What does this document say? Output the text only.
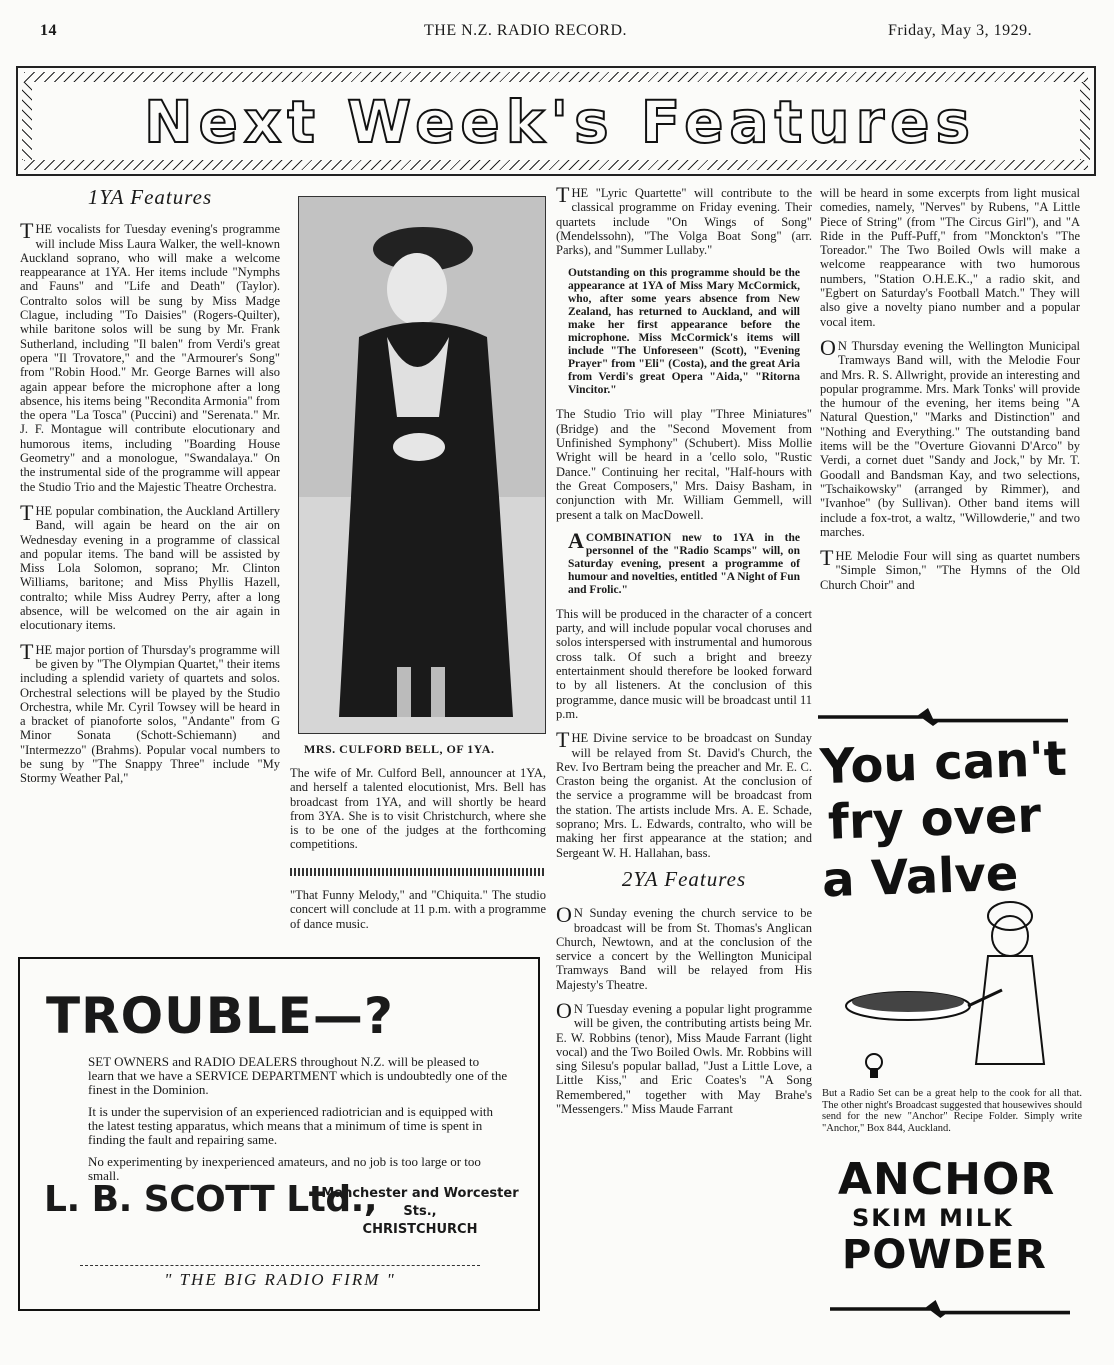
14	THE N.Z. RADIO RECORD.	Friday, May 3, 1929.
Next Week's Features
1YA Features

THE vocalists for Tuesday evening's programme will include Miss Laura Walker, the well-known Auckland soprano, who will make a welcome reappearance at 1YA. Her items include "Nymphs and Fauns" and "Life and Death" (Taylor). Contralto solos will be sung by Miss Madge Clague, including "To Daisies" (Rogers-Quilter), while baritone solos will be sung by Mr. Frank Sutherland, including "Il balen" from Verdi's great opera "Il Trovatore," and the "Armourer's Song" from "Robin Hood." Mr. George Barnes will also again appear before the microphone after a long absence, his items being "Recondita Armonia" from the opera "La Tosca" (Puccini) and "Serenata." Mr. J. F. Montague will contribute elocutionary and humorous items, including "Boarding House Geometry" and a monologue, "Swandalaya." On the instrumental side of the programme will appear the Studio Trio and the Majestic Theatre Orchestra.

THE popular combination, the Auckland Artillery Band, will again be heard on the air on Wednesday evening in a programme of classical and popular items. The band will be assisted by Miss Lola Solomon, soprano; Mr. Clinton Williams, baritone; and Miss Phyllis Hazell, contralto; while Miss Audrey Perry, after a long absence, will be welcomed on the air again in elocutionary items.

THE major portion of Thursday's programme will be given by "The Olympian Quartet," their items including a splendid variety of quartets and solos. Orchestral selections will be played by the Studio Orchestra, while Mr. Cyril Towsey will be heard in a bracket of pianoforte solos, "Andante" from G Minor Sonata (Schott-Schiemann) and "Intermezzo" (Brahms). Popular vocal numbers to be sung by "The Snappy Three" include "My Stormy Weather Pal,"

MRS. CULFORD BELL, OF 1YA.

The wife of Mr. Culford Bell, announcer at 1YA, and herself a talented elocutionist, Mrs. Bell has broadcast from 1YA, and will shortly be heard from 3YA. She is to visit Christchurch, where she is to be one of the judges at the forthcoming competitions.

"That Funny Melody," and "Chiquita." The studio concert will conclude at 11 p.m. with a programme of dance music.

THE "Lyric Quartette" will contribute to the classical programme on Friday evening. Their quartets include "On Wings of Song" (Mendelssohn), "The Volga Boat Song" (arr. Parks), and "Summer Lullaby."

Outstanding on this programme should be the appearance at 1YA of Miss Mary McCormick, who, after some years absence from New Zealand, has returned to Auckland, and will make her first appearance before the microphone. Miss McCormick's items will include "The Unforeseen" (Scott), "Evening Prayer" from "Eli" (Costa), and the great Aria from Verdi's great Opera "Aida," "Ritorna Vincitor."

The Studio Trio will play "Three Miniatures" (Bridge) and the "Second Movement from Unfinished Symphony" (Schubert). Miss Mollie Wright will be heard in a 'cello solo, "Rustic Dance." Continuing her recital, "Half-hours with the Great Composers," Mrs. Daisy Basham, in conjunction with Mr. William Gemmell, will present a talk on MacDowell.

ACOMBINATION new to 1YA in the personnel of the "Radio Scamps" will, on Saturday evening, present a programme of humour and novelties, entitled "A Night of Fun and Frolic."

This will be produced in the character of a concert party, and will include popular vocal choruses and solos interspersed with instrumental and humorous cross talk. Of such a bright and breezy entertainment should therefore be looked forward to by all listeners. At the conclusion of this programme, dance music will be broadcast until 11 p.m.

THE Divine service to be broadcast on Sunday will be relayed from St. David's Church, the Rev. Ivo Bertram being the preacher and Mr. E. C. Craston being the organist. At the conclusion of the service a programme will be broadcast from the station. The artists include Mrs. A. E. Schade, soprano; Mrs. L. Edwards, contralto, who will be making her first appearance at the station; and Sergeant W. H. Hallahan, bass.

2YA Features

ON Sunday evening the church service to be broadcast will be from St. Thomas's Anglican Church, Newtown, and at the conclusion of the service a concert by the Wellington Municipal Tramways Band will be relayed from His Majesty's Theatre.

ON Tuesday evening a popular light programme will be given, the contributing artists being Mr. E. W. Robbins (tenor), Miss Maude Farrant (light vocal) and the Two Boiled Owls. Mr. Robbins will sing Silesu's popular ballad, "Just a Little Love, a Little Kiss," and Eric Coates's "A Song Remembered," together with May Brahe's "Messengers." Miss Maude Farrant

will be heard in some excerpts from light musical comedies, namely, "Nerves" by Rubens, "A Little Piece of String" (from "The Circus Girl"), and "A Ride in the Puff-Puff," from "Monckton's "The Toreador." The Two Boiled Owls will make a welcome reappearance with two humorous numbers, "Station O.H.E.K.," a radio skit, and "Egbert on Saturday's Football Match." They will also give a novelty piano number and a popular vocal item.

ON Thursday evening the Wellington Municipal Tramways Band will, with the Melodie Four and Mrs. R. S. Allwright, provide an interesting and popular programme. Mrs. Mark Tonks' will provide the humour of the evening, her items being "A Natural Question," "Marks and Distinction" and "Nothing and Everything." The outstanding band items will be the "Overture Giovanni D'Arco" by Verdi, a cornet duet "Sandy and Jock," by Mr. T. Goodall and Bandsman Kay, and two selections, "Tschaikowsky" (arranged by Rimmer), and "Ivanhoe" (by Sullivan). Other band items will include a fox-trot, a waltz, "Willowderie," and two marches.

THE Melodie Four will sing as quartet numbers "Simple Simon," "The Hymns of the Old Church Choir" and

TROUBLE—?

SET OWNERS and RADIO DEALERS throughout N.Z. will be pleased to learn that we have a SERVICE DEPARTMENT which is undoubtedly one of the finest in the Dominion.

It is under the supervision of an experienced radiotrician and is equipped with the latest testing apparatus, which means that a minimum of time is spent in finding the fault and repairing same.

No experimenting by inexperienced amateurs, and no job is too large or too small.

L. B. SCOTT Ltd.,
Manchester and Worcester Sts.,
CHRISTCHURCH
" THE BIG RADIO FIRM "
You can't
fry over
a Valve
But a Radio Set can be a great help to the cook for all that. The other night's Broadcast suggested that housewives should send for the new "Anchor" Recipe Folder. Simply write "Anchor," Box 844, Auckland.
ANCHOR
SKIM MILK
POWDER
